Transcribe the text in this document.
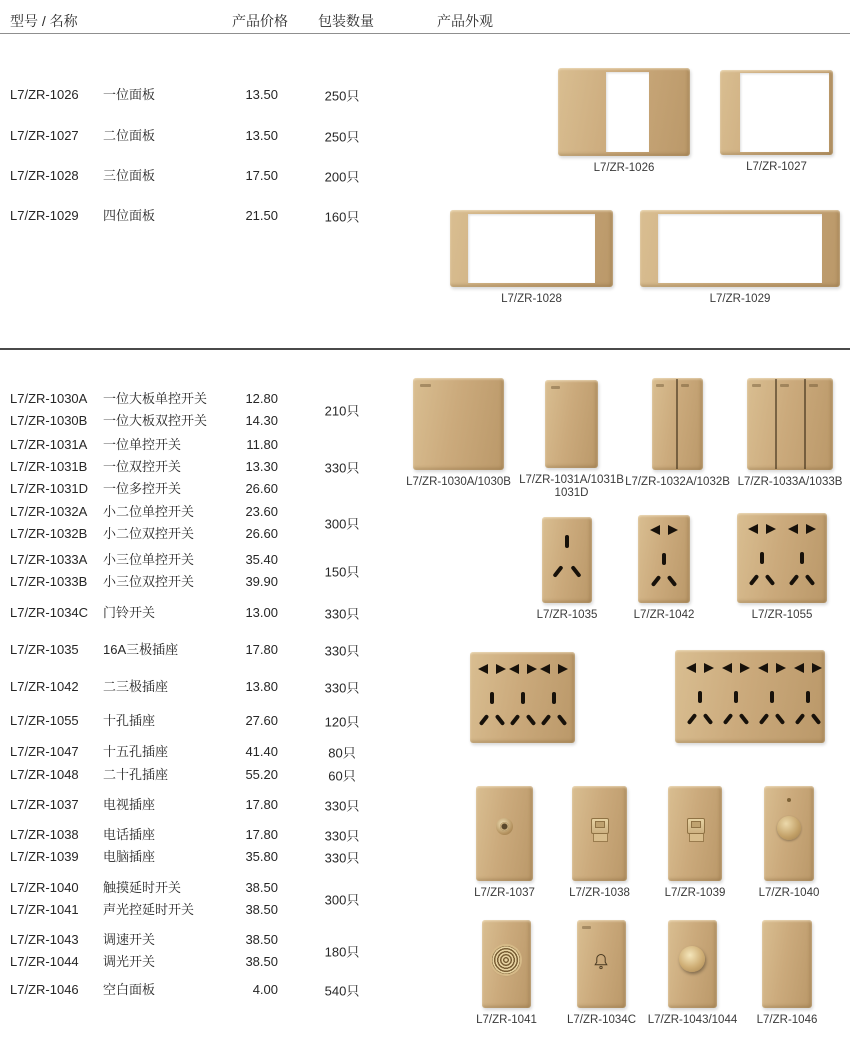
型号 / 名称	产品价格 包装数量	产品外观
L7/ZR-1026 一位面板	13.50	250只
L7/ZR-1027 二位面板	13.50	250只
L7/ZR-1028 三位面板	17.50	200只
L7/ZR-1029 四位面板	21.50	160只
L7/ZR-1026	L7/ZR-1027
L7/ZR-1028	L7/ZR-1029
L7/ZR-1030A 一位大板单控开关	12.80
L7/ZR-1030B 一位大板双控开关	14.30
210只
L7/ZR-1031A 一位单控开关	11.80
L7/ZR-1031B 一位双控开关	13.30
L7/ZR-1031D 一位多控开关	26.60
330只
L7/ZR-1032A 小二位单控开关	23.60
L7/ZR-1032B 小二位双控开关	26.60
300只
L7/ZR-1033A 小三位单控开关	35.40
L7/ZR-1033B 小三位双控开关	39.90
150只
L7/ZR-1034C 门铃开关	13.00	330只
L7/ZR-1035 16A三极插座	17.80	330只
L7/ZR-1042 二三极插座	13.80	330只
L7/ZR-1055 十孔插座	27.60	120只
L7/ZR-1047 十五孔插座	41.40	80只
L7/ZR-1048 二十孔插座	55.20	60只
L7/ZR-1037 电视插座	17.80	330只
L7/ZR-1038 电话插座	17.80	330只
L7/ZR-1039 电脑插座	35.80	330只
L7/ZR-1040 触摸延时开关	38.50
L7/ZR-1041 声光控延时开关	38.50
300只
L7/ZR-1043 调速开关	38.50
L7/ZR-1044 调光开关	38.50
180只
L7/ZR-1046 空白面板	4.00	540只
L7/ZR-1030A/1030B L7/ZR-1031A/1031B
1031D
L7/ZR-1032A/1032B L7/ZR-1033A/1033B
L7/ZR-1035	L7/ZR-1042	L7/ZR-1055
L7/ZR-1037	L7/ZR-1038	L7/ZR-1039	L7/ZR-1040
L7/ZR-1041	L7/ZR-1034C L7/ZR-1043/1044 L7/ZR-1046
